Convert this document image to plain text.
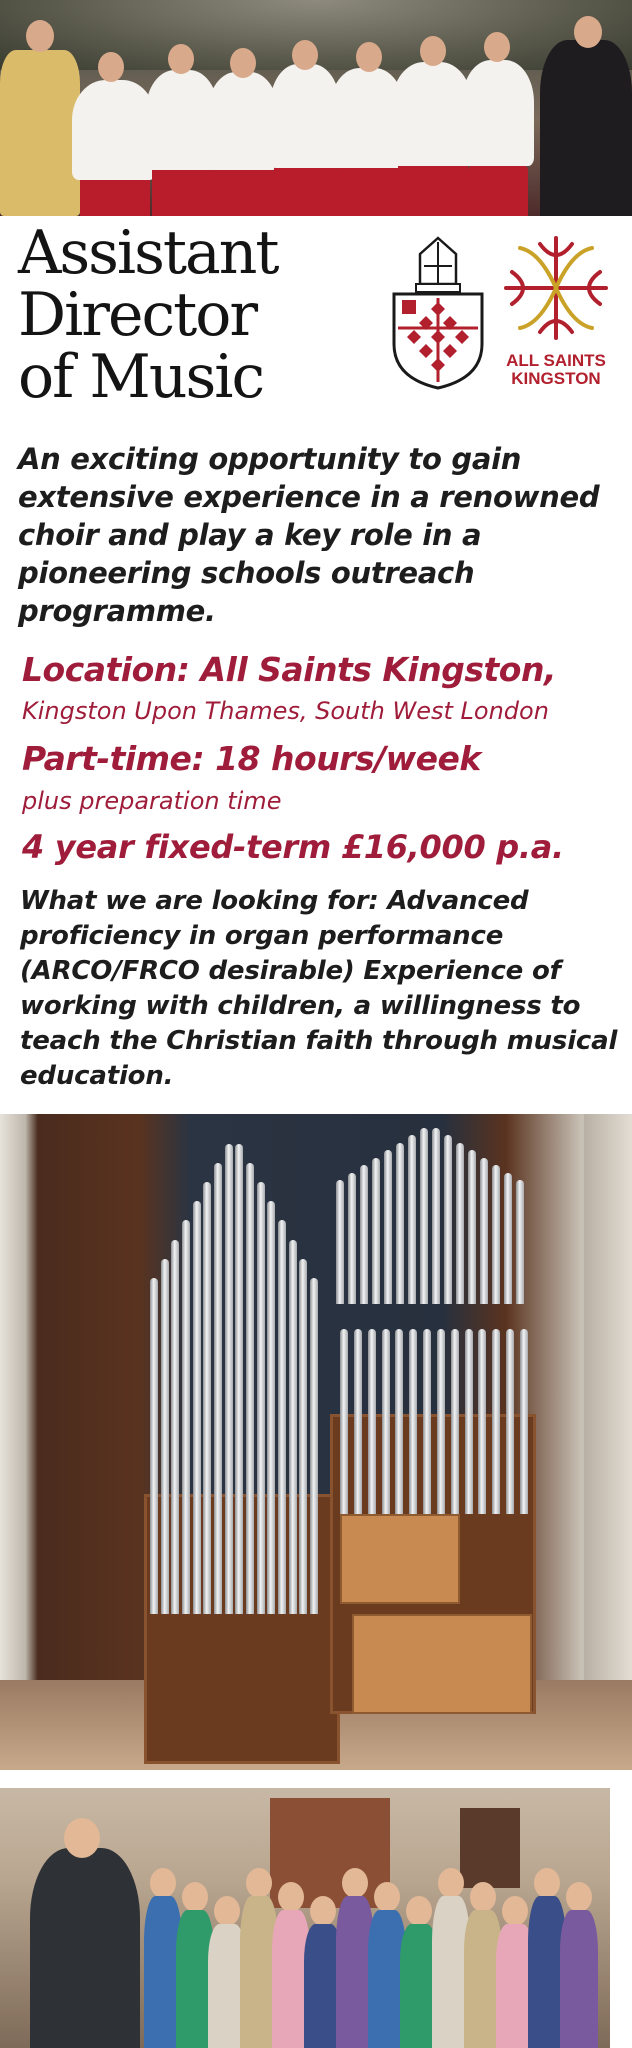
Assistant
Director
of Music	ALL SAINTS
KINGSTON

An exciting opportunity to gain extensive experience in a renowned choir and play a key role in a pioneering schools outreach programme.

Location: All Saints Kingston,

Kingston Upon Thames, South West London

Part-time: 18 hours/week

plus preparation time

4 year fixed-term £16,000 p.a.

What we are looking for: Advanced proficiency in organ performance (ARCO/FRCO desirable) Experience of working with children, a willingness to teach the Christian faith through musical education.
